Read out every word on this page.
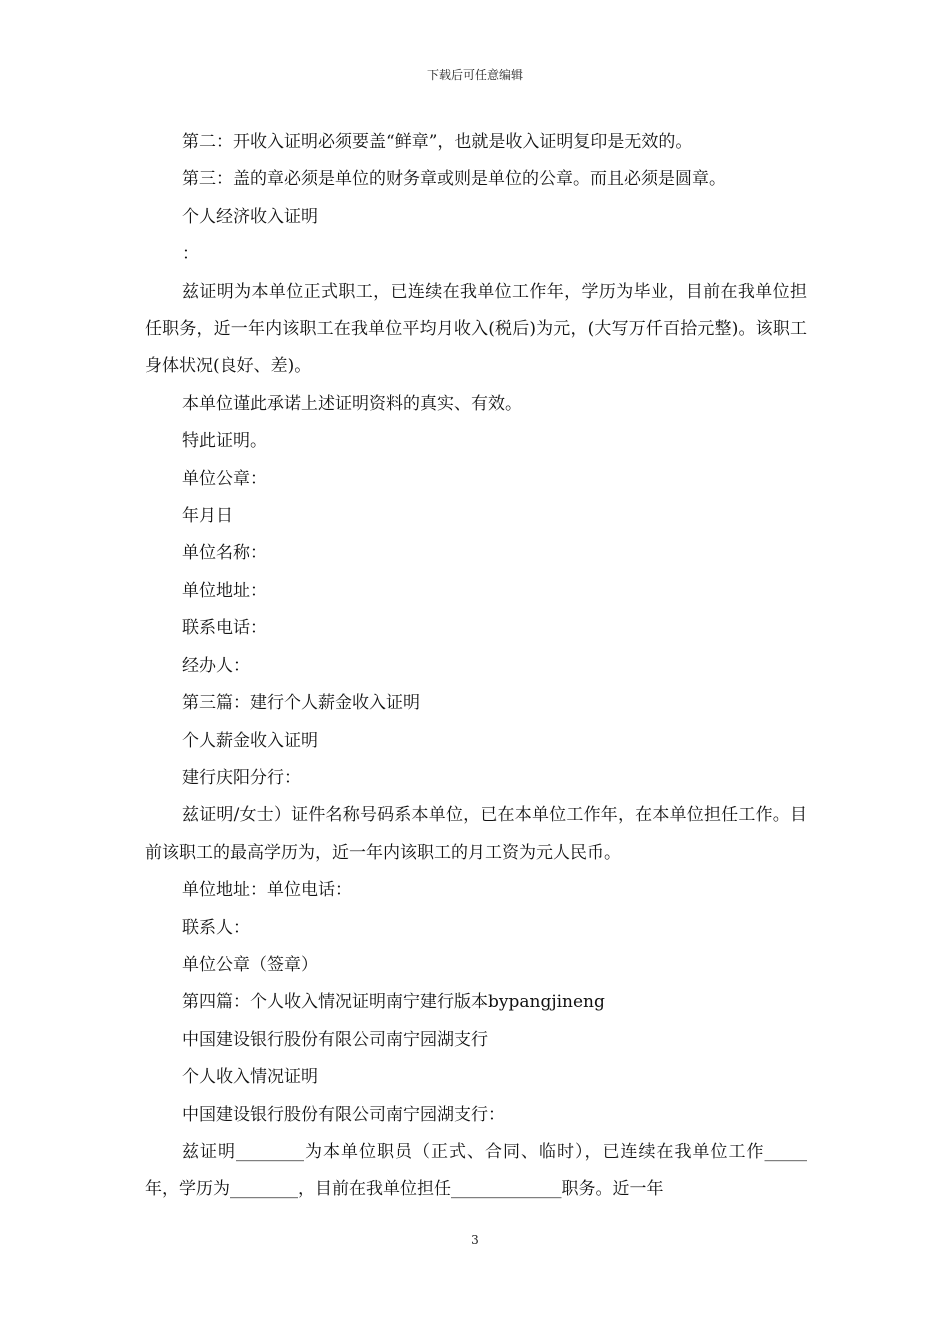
下载后可任意编辑

第二：开收入证明必须要盖“鲜章”，也就是收入证明复印是无效的。

第三：盖的章必须是单位的财务章或则是单位的公章。而且必须是圆章。

个人经济收入证明

：

兹证明为本单位正式职工，已连续在我单位工作年，学历为毕业，目前在我单位担任职务，近一年内该职工在我单位平均月收入(税后)为元，(大写万仟百拾元整)。该职工身体状况(良好、差)。

本单位谨此承诺上述证明资料的真实、有效。

特此证明。

单位公章：

年月日

单位名称：

单位地址：

联系电话：

经办人：

第三篇：建行个人薪金收入证明

个人薪金收入证明

建行庆阳分行：

兹证明/女士）证件名称号码系本单位，已在本单位工作年，在本单位担任工作。目前该职工的最高学历为，近一年内该职工的月工资为元人民币。

单位地址：单位电话：

联系人：

单位公章（签章）

第四篇：个人收入情况证明南宁建行版本bypangjineng

中国建设银行股份有限公司南宁园湖支行

个人收入情况证明

中国建设银行股份有限公司南宁园湖支行：

兹证明________为本单位职员（正式、合同、临时），已连续在我单位工作_____年，学历为________，目前在我单位担任_____________职务。近一年

3
